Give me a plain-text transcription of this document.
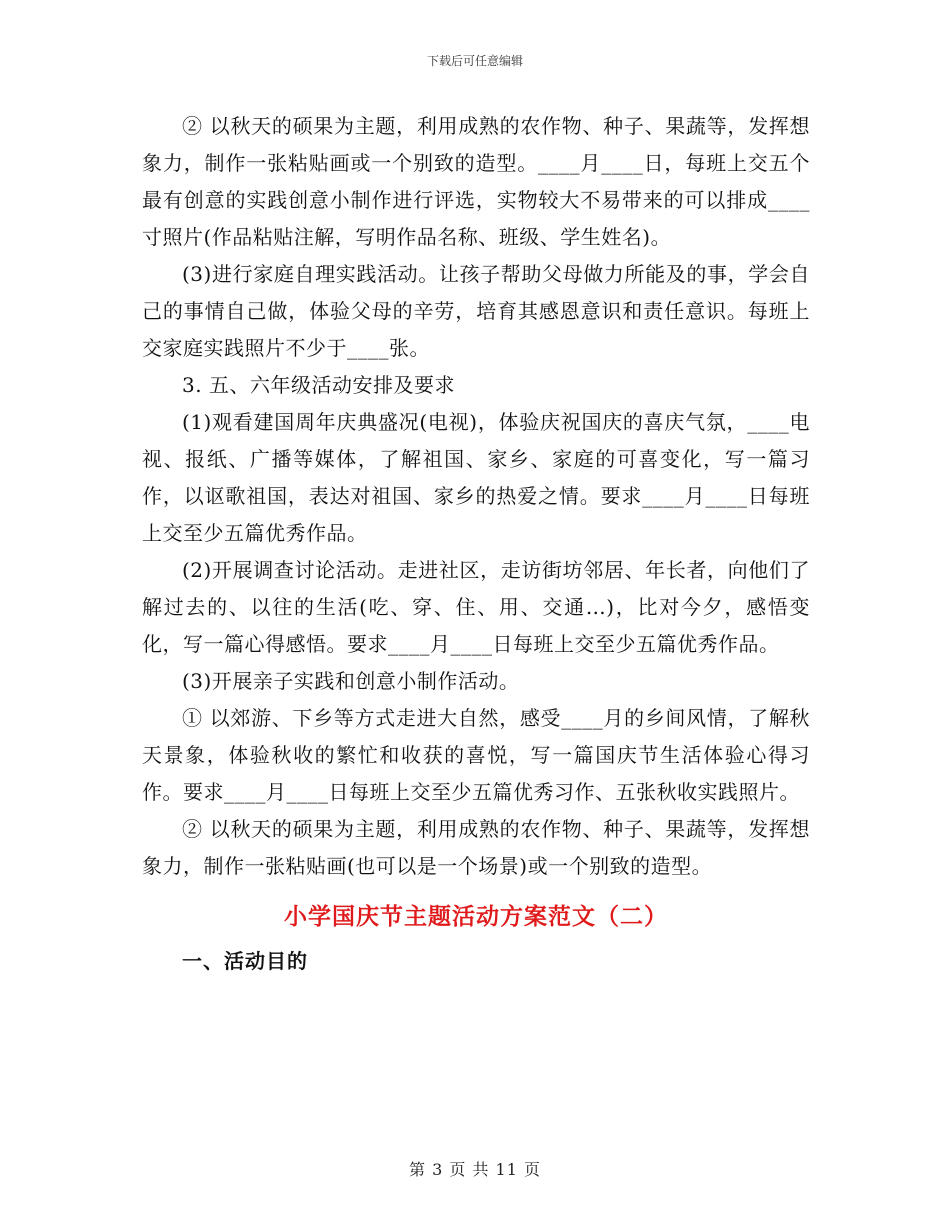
下载后可任意编辑

② 以秋天的硕果为主题，利用成熟的农作物、种子、果蔬等，发挥想象力，制作一张粘贴画或一个别致的造型。____月____日，每班上交五个最有创意的实践创意小制作进行评选，实物较大不易带来的可以排成____寸照片(作品粘贴注解，写明作品名称、班级、学生姓名)。

(3)进行家庭自理实践活动。让孩子帮助父母做力所能及的事，学会自己的事情自己做，体验父母的辛劳，培育其感恩意识和责任意识。每班上交家庭实践照片不少于____张。

3. 五、六年级活动安排及要求

(1)观看建国周年庆典盛况(电视)，体验庆祝国庆的喜庆气氛，____电视、报纸、广播等媒体，了解祖国、家乡、家庭的可喜变化，写一篇习作，以讴歌祖国，表达对祖国、家乡的热爱之情。要求____月____日每班上交至少五篇优秀作品。

(2)开展调查讨论活动。走进社区，走访街坊邻居、年长者，向他们了解过去的、以往的生活(吃、穿、住、用、交通…)，比对今夕，感悟变化，写一篇心得感悟。要求____月____日每班上交至少五篇优秀作品。

(3)开展亲子实践和创意小制作活动。

① 以郊游、下乡等方式走进大自然，感受____月的乡间风情，了解秋天景象，体验秋收的繁忙和收获的喜悦，写一篇国庆节生活体验心得习作。要求____月____日每班上交至少五篇优秀习作、五张秋收实践照片。

② 以秋天的硕果为主题，利用成熟的农作物、种子、果蔬等，发挥想象力，制作一张粘贴画(也可以是一个场景)或一个别致的造型。

小学国庆节主题活动方案范文（二）
一、活动目的
第 3 页 共 11 页
